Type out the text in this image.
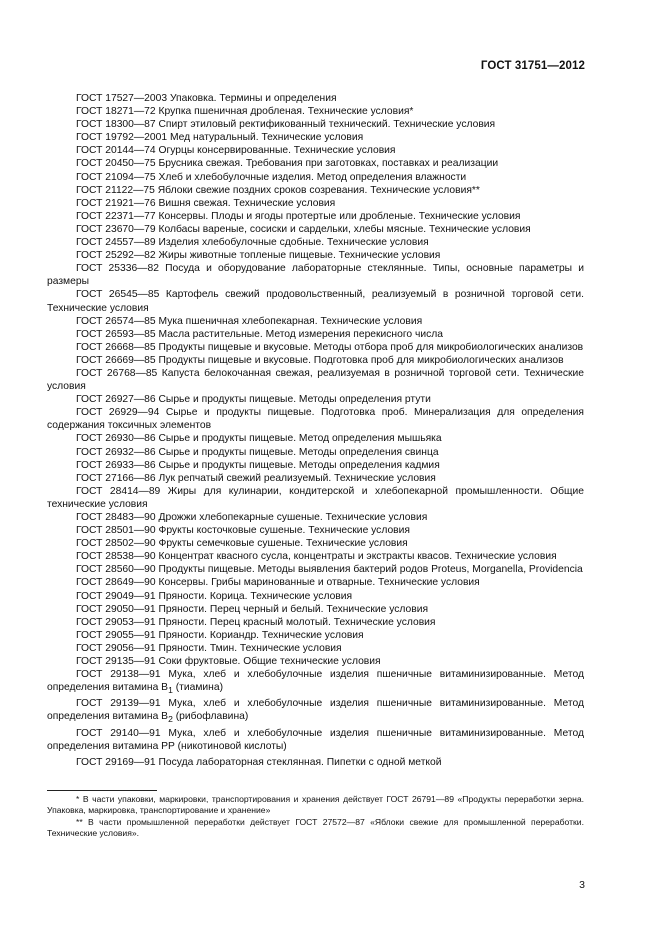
ГОСТ 31751—2012
ГОСТ 17527—2003 Упаковка. Термины и определения
ГОСТ 18271—72 Крупка пшеничная дробленая. Технические условия*
ГОСТ 18300—87 Спирт этиловый ректификованный технический. Технические условия
ГОСТ 19792—2001 Мед натуральный. Технические условия
ГОСТ 20144—74 Огурцы консервированные. Технические условия
ГОСТ 20450—75 Брусника свежая. Требования при заготовках, поставках и реализации
ГОСТ 21094—75 Хлеб и хлебобулочные изделия. Метод определения влажности
ГОСТ 21122—75 Яблоки свежие поздних сроков созревания. Технические условия**
ГОСТ 21921—76 Вишня свежая. Технические условия
ГОСТ 22371—77 Консервы. Плоды и ягоды протертые или дробленые. Технические условия
ГОСТ 23670—79 Колбасы вареные, сосиски и сардельки, хлебы мясные. Технические условия
ГОСТ 24557—89 Изделия хлебобулочные сдобные. Технические условия
ГОСТ 25292—82 Жиры животные топленые пищевые. Технические условия
ГОСТ 25336—82 Посуда и оборудование лабораторные стеклянные. Типы, основные параметры и размеры
ГОСТ 26545—85 Картофель свежий продовольственный, реализуемый в розничной торговой сети. Технические условия
ГОСТ 26574—85 Мука пшеничная хлебопекарная. Технические условия
ГОСТ 26593—85 Масла растительные. Метод измерения перекисного числа
ГОСТ 26668—85 Продукты пищевые и вкусовые. Методы отбора проб для микробиологических анализов
ГОСТ 26669—85 Продукты пищевые и вкусовые. Подготовка проб для микробиологических анализов
ГОСТ 26768—85 Капуста белокочанная свежая, реализуемая в розничной торговой сети. Технические условия
ГОСТ 26927—86 Сырье и продукты пищевые. Методы определения ртути
ГОСТ 26929—94 Сырье и продукты пищевые. Подготовка проб. Минерализация для определения содержания токсичных элементов
ГОСТ 26930—86 Сырье и продукты пищевые. Метод определения мышьяка
ГОСТ 26932—86 Сырье и продукты пищевые. Методы определения свинца
ГОСТ 26933—86 Сырье и продукты пищевые. Методы определения кадмия
ГОСТ 27166—86 Лук репчатый свежий реализуемый. Технические условия
ГОСТ 28414—89 Жиры для кулинарии, кондитерской и хлебопекарной промышленности. Общие технические условия
ГОСТ 28483—90 Дрожжи хлебопекарные сушеные. Технические условия
ГОСТ 28501—90 Фрукты косточковые сушеные. Технические условия
ГОСТ 28502—90 Фрукты семечковые сушеные. Технические условия
ГОСТ 28538—90 Концентрат квасного сусла, концентраты и экстракты квасов. Технические условия
ГОСТ 28560—90 Продукты пищевые. Методы выявления бактерий родов Proteus, Morganella, Providencia
ГОСТ 28649—90 Консервы. Грибы маринованные и отварные. Технические условия
ГОСТ 29049—91 Пряности. Корица. Технические условия
ГОСТ 29050—91 Пряности. Перец черный и белый. Технические условия
ГОСТ 29053—91 Пряности. Перец красный молотый. Технические условия
ГОСТ 29055—91 Пряности. Кориандр. Технические условия
ГОСТ 29056—91 Пряности. Тмин. Технические условия
ГОСТ 29135—91 Соки фруктовые. Общие технические условия
ГОСТ 29138—91 Мука, хлеб и хлебобулочные изделия пшеничные витаминизированные. Метод определения витамина $B_1$ (тиамина)
ГОСТ 29139—91 Мука, хлеб и хлебобулочные изделия пшеничные витаминизированные. Метод определения витамина $B_2$ (рибофлавина)
ГОСТ 29140—91 Мука, хлеб и хлебобулочные изделия пшеничные витаминизированные. Метод определения витамина PP (никотиновой кислоты)
ГОСТ 29169—91 Посуда лабораторная стеклянная. Пипетки с одной меткой
* В части упаковки, маркировки, транспортирования и хранения действует ГОСТ 26791—89 «Продукты переработки зерна. Упаковка, маркировка, транспортирование и хранение»
** В части промышленной переработки действует ГОСТ 27572—87 «Яблоки свежие для промышленной переработки. Технические условия».
3
